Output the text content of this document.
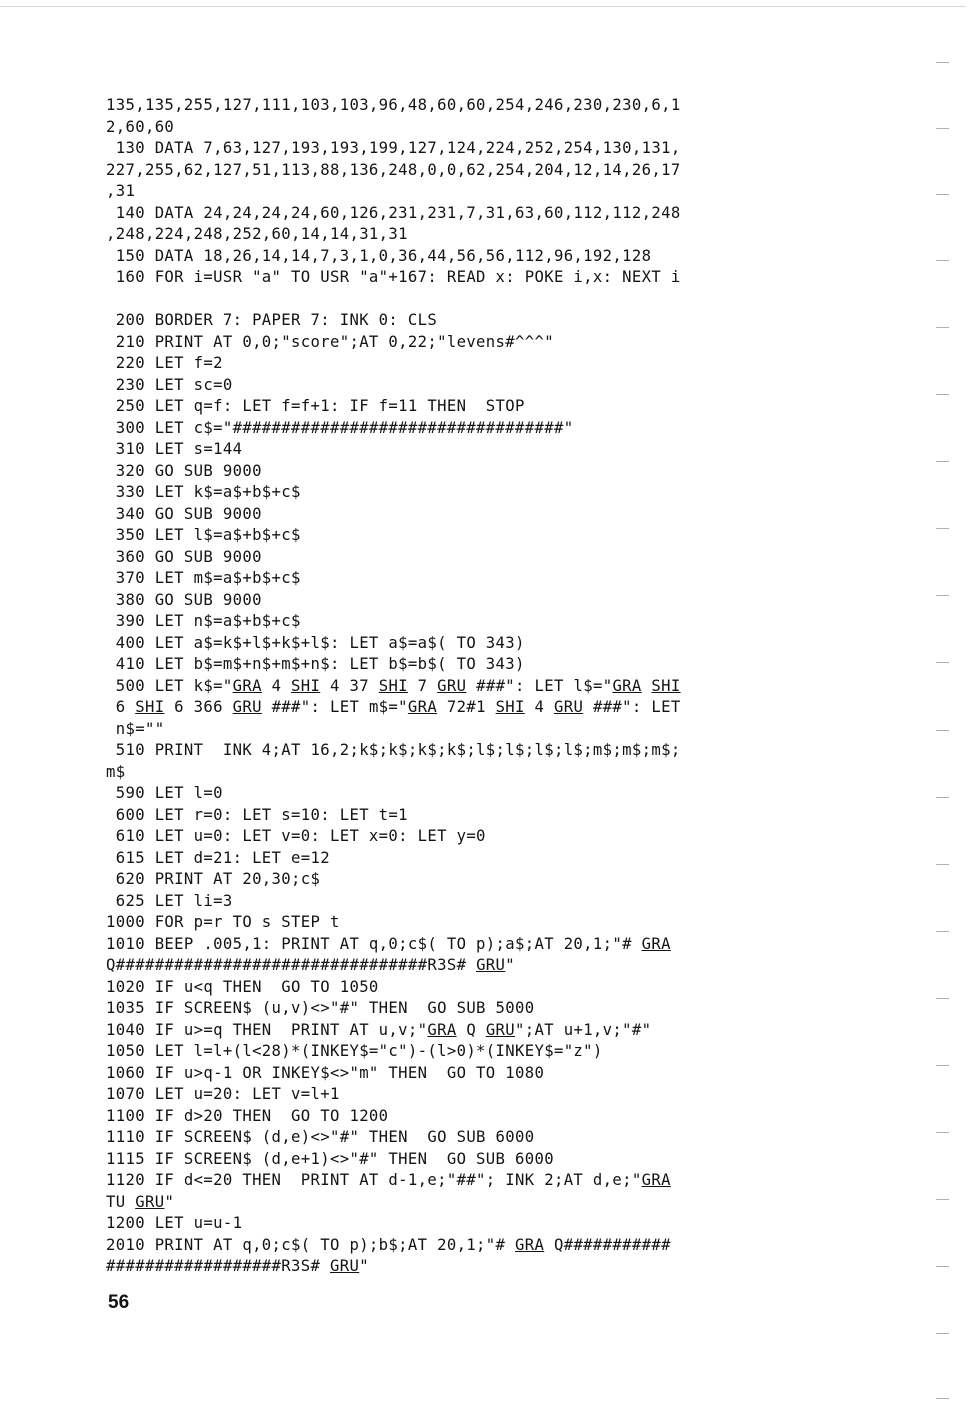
135,135,255,127,111,103,103,96,48,60,60,254,246,230,230,6,1
2,60,60
130 DATA 7,63,127,193,193,199,127,124,224,252,254,130,131,
227,255,62,127,51,113,88,136,248,0,0,62,254,204,12,14,26,17
,31
140 DATA 24,24,24,24,60,126,231,231,7,31,63,60,112,112,248
,248,224,248,252,60,14,14,31,31
150 DATA 18,26,14,14,7,3,1,0,36,44,56,56,112,96,192,128
160 FOR i=USR "a" TO USR "a"+167: READ x: POKE i,x: NEXT i
200 BORDER 7: PAPER 7: INK 0: CLS
210 PRINT AT 0,0;"score";AT 0,22;"levens#^^^"
220 LET f=2
230 LET sc=0
250 LET q=f: LET f=f+1: IF f=11 THEN  STOP
300 LET c$="##################################"
310 LET s=144
320 GO SUB 9000
330 LET k$=a$+b$+c$
340 GO SUB 9000
350 LET l$=a$+b$+c$
360 GO SUB 9000
370 LET m$=a$+b$+c$
380 GO SUB 9000
390 LET n$=a$+b$+c$
400 LET a$=k$+l$+k$+l$: LET a$=a$( TO 343)
410 LET b$=m$+n$+m$+n$: LET b$=b$( TO 343)
500 LET k$="GRA 4 SHI 4 37 SHI 7 GRU ###": LET l$="GRA SHI
6 SHI 6 366 GRU ###": LET m$="GRA 72#1 SHI 4 GRU ###": LET
n$=""
510 PRINT  INK 4;AT 16,2;k$;k$;k$;k$;l$;l$;l$;l$;m$;m$;m$;
m$
590 LET l=0
600 LET r=0: LET s=10: LET t=1
610 LET u=0: LET v=0: LET x=0: LET y=0
615 LET d=21: LET e=12
620 PRINT AT 20,30;c$
625 LET li=3
1000 FOR p=r TO s STEP t
1010 BEEP .005,1: PRINT AT q,0;c$( TO p);a$;AT 20,1;"# GRA
Q################################R3S# GRU"
1020 IF u<q THEN  GO TO 1050
1035 IF SCREEN$ (u,v)<>"#" THEN  GO SUB 5000
1040 IF u>=q THEN  PRINT AT u,v;"GRA Q GRU";AT u+1,v;"#"
1050 LET l=l+(l<28)*(INKEY$="c")-(l>0)*(INKEY$="z")
1060 IF u>q-1 OR INKEY$<>"m" THEN  GO TO 1080
1070 LET u=20: LET v=l+1
1100 IF d>20 THEN  GO TO 1200
1110 IF SCREEN$ (d,e)<>"#" THEN  GO SUB 6000
1115 IF SCREEN$ (d,e+1)<>"#" THEN  GO SUB 6000
1120 IF d<=20 THEN  PRINT AT d-1,e;"##"; INK 2;AT d,e;"GRA
TU GRU"
1200 LET u=u-1
2010 PRINT AT q,0;c$( TO p);b$;AT 20,1;"# GRA Q###########
##################R3S# GRU"
56
